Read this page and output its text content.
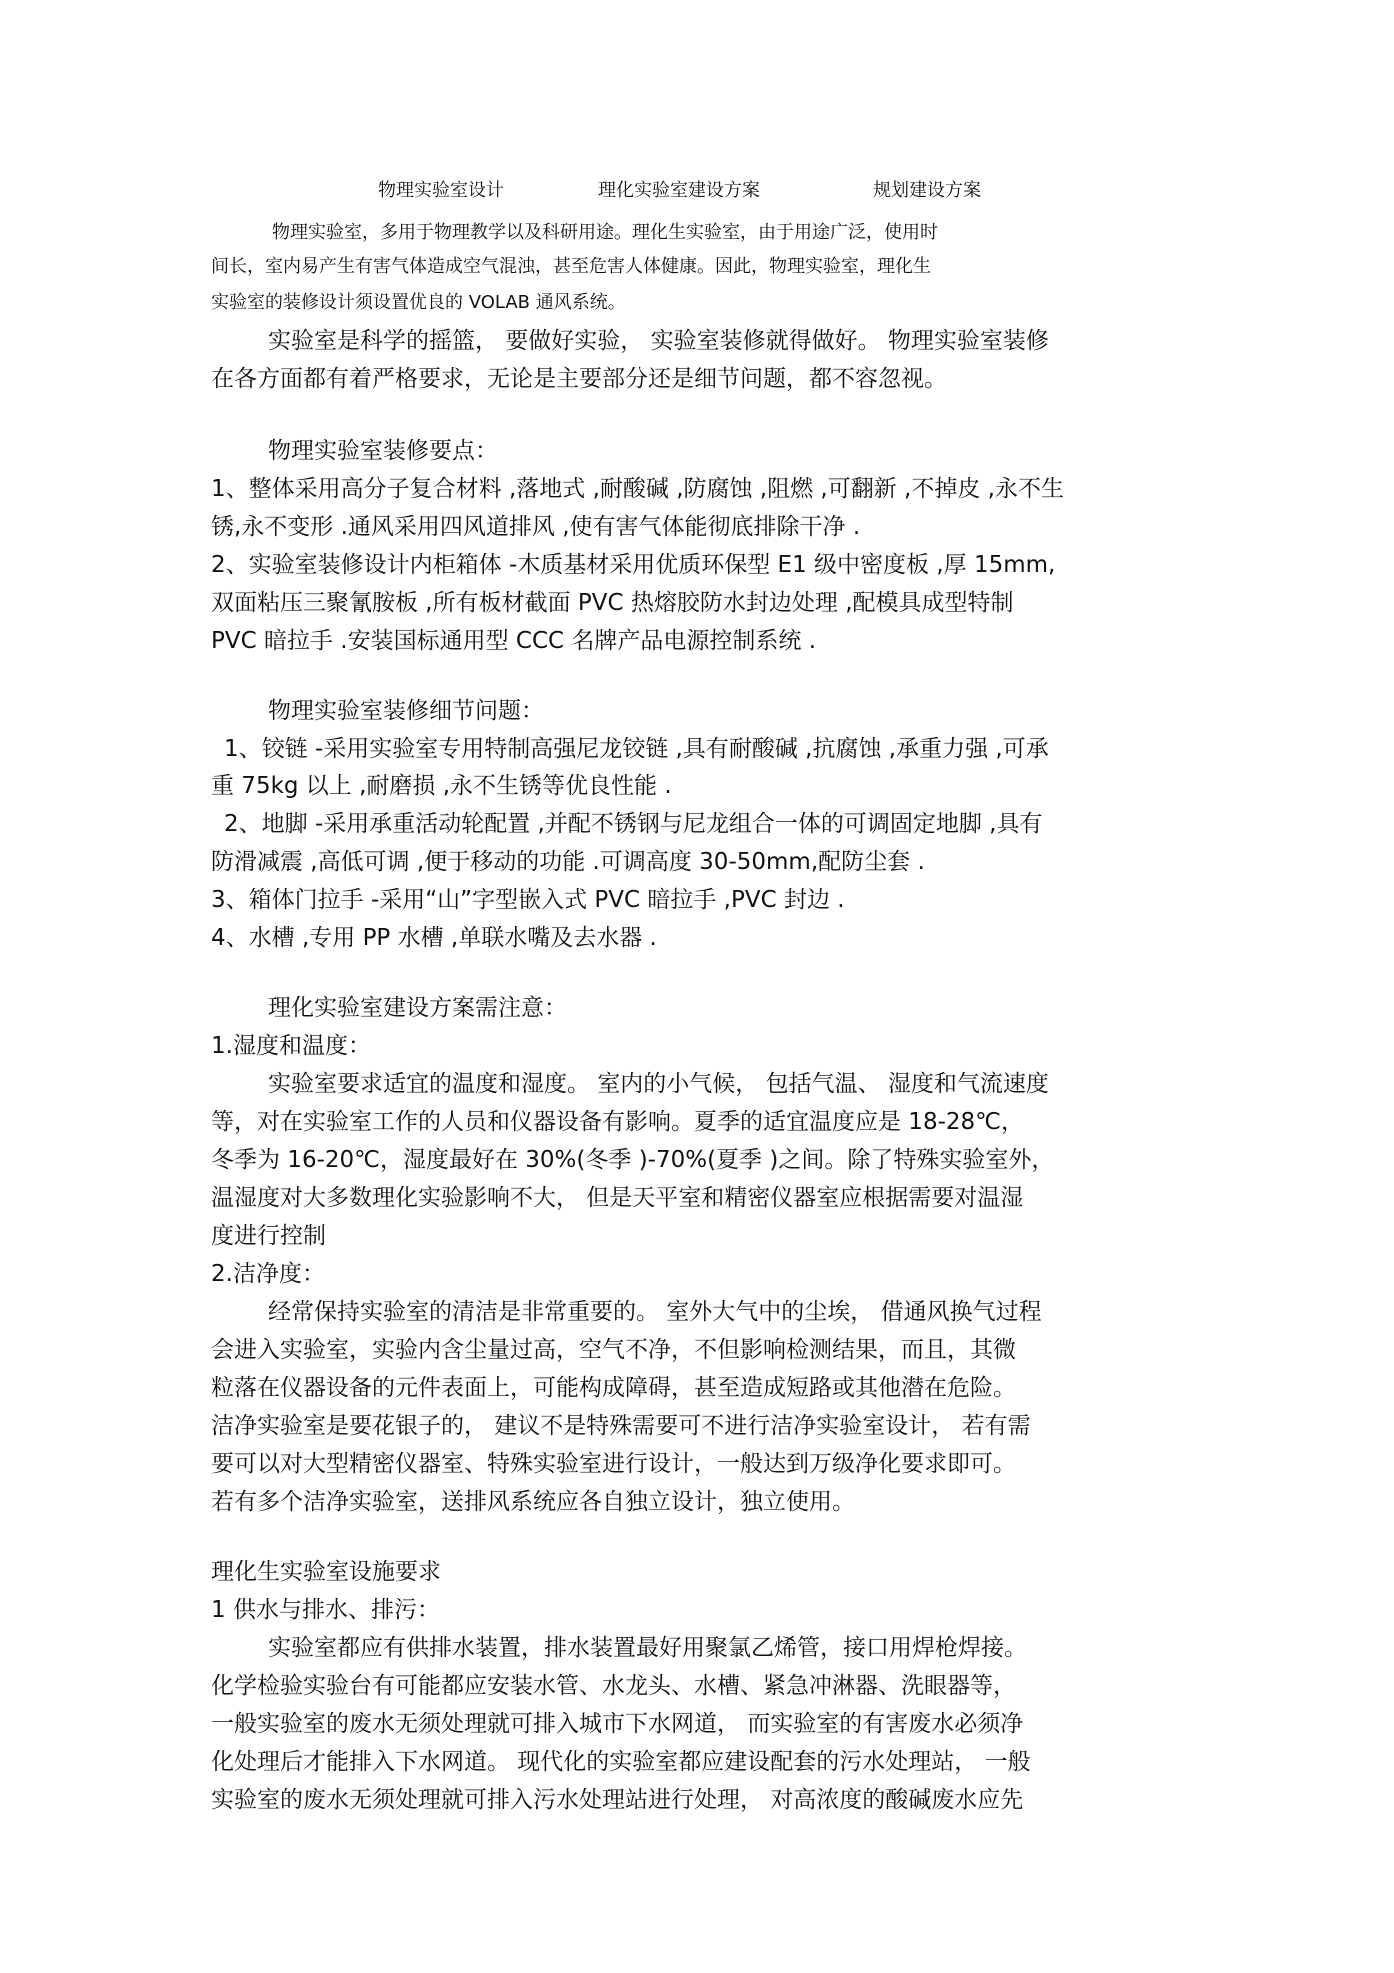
物理实验室设计	理化实验室建设方案	规划建设方案
物理实验室，多用于物理教学以及科研用途。理化生实验室，由于用途广泛，使用时
间长，室内易产生有害气体造成空气混浊，甚至危害人体健康。因此，物理实验室，理化生
实验室的装修设计须设置优良的 VOLAB 通风系统。
实验室是科学的摇篮， 要做好实验， 实验室装修就得做好。 物理实验室装修
在各方面都有着严格要求，无论是主要部分还是细节问题，都不容忽视。
物理实验室装修要点：
1、整体采用高分子复合材料 ,落地式 ,耐酸碱 ,防腐蚀 ,阻燃 ,可翻新 ,不掉皮 ,永不生
锈,永不变形 .通风采用四风道排风 ,使有害气体能彻底排除干净 .
2、实验室装修设计内柜箱体 -木质基材采用优质环保型 E1 级中密度板 ,厚 15mm,
双面粘压三聚氰胺板 ,所有板材截面 PVC 热熔胶防水封边处理 ,配模具成型特制
PVC 暗拉手 .安装国标通用型 CCC 名牌产品电源控制系统 .
物理实验室装修细节问题：
1、铰链 -采用实验室专用特制高强尼龙铰链 ,具有耐酸碱 ,抗腐蚀 ,承重力强 ,可承
重 75kg 以上 ,耐磨损 ,永不生锈等优良性能 .
2、地脚 -采用承重活动轮配置 ,并配不锈钢与尼龙组合一体的可调固定地脚 ,具有
防滑减震 ,高低可调 ,便于移动的功能 .可调高度 30-50mm,配防尘套 .
3、箱体门拉手 -采用“山”字型嵌入式 PVC 暗拉手 ,PVC 封边 .
4、水槽 ,专用 PP 水槽 ,单联水嘴及去水器 .
理化实验室建设方案需注意：
1.湿度和温度：
实验室要求适宜的温度和湿度。 室内的小气候， 包括气温、 湿度和气流速度
等，对在实验室工作的人员和仪器设备有影响。夏季的适宜温度应是 18-28℃，
冬季为 16-20℃，湿度最好在 30%(冬季 )-70%(夏季 )之间。除了特殊实验室外，
温湿度对大多数理化实验影响不大， 但是天平室和精密仪器室应根据需要对温湿
度进行控制
2.洁净度：
经常保持实验室的清洁是非常重要的。 室外大气中的尘埃， 借通风换气过程
会进入实验室，实验内含尘量过高，空气不净，不但影响检测结果，而且，其微
粒落在仪器设备的元件表面上，可能构成障碍，甚至造成短路或其他潜在危险。
洁净实验室是要花银子的， 建议不是特殊需要可不进行洁净实验室设计， 若有需
要可以对大型精密仪器室、特殊实验室进行设计，一般达到万级净化要求即可。
若有多个洁净实验室，送排风系统应各自独立设计，独立使用。
理化生实验室设施要求
1 供水与排水、排污：
实验室都应有供排水装置，排水装置最好用聚氯乙烯管，接口用焊枪焊接。
化学检验实验台有可能都应安装水管、水龙头、水槽、紧急冲淋器、洗眼器等，
一般实验室的废水无须处理就可排入城市下水网道， 而实验室的有害废水必须净
化处理后才能排入下水网道。 现代化的实验室都应建设配套的污水处理站， 一般
实验室的废水无须处理就可排入污水处理站进行处理， 对高浓度的酸碱废水应先
